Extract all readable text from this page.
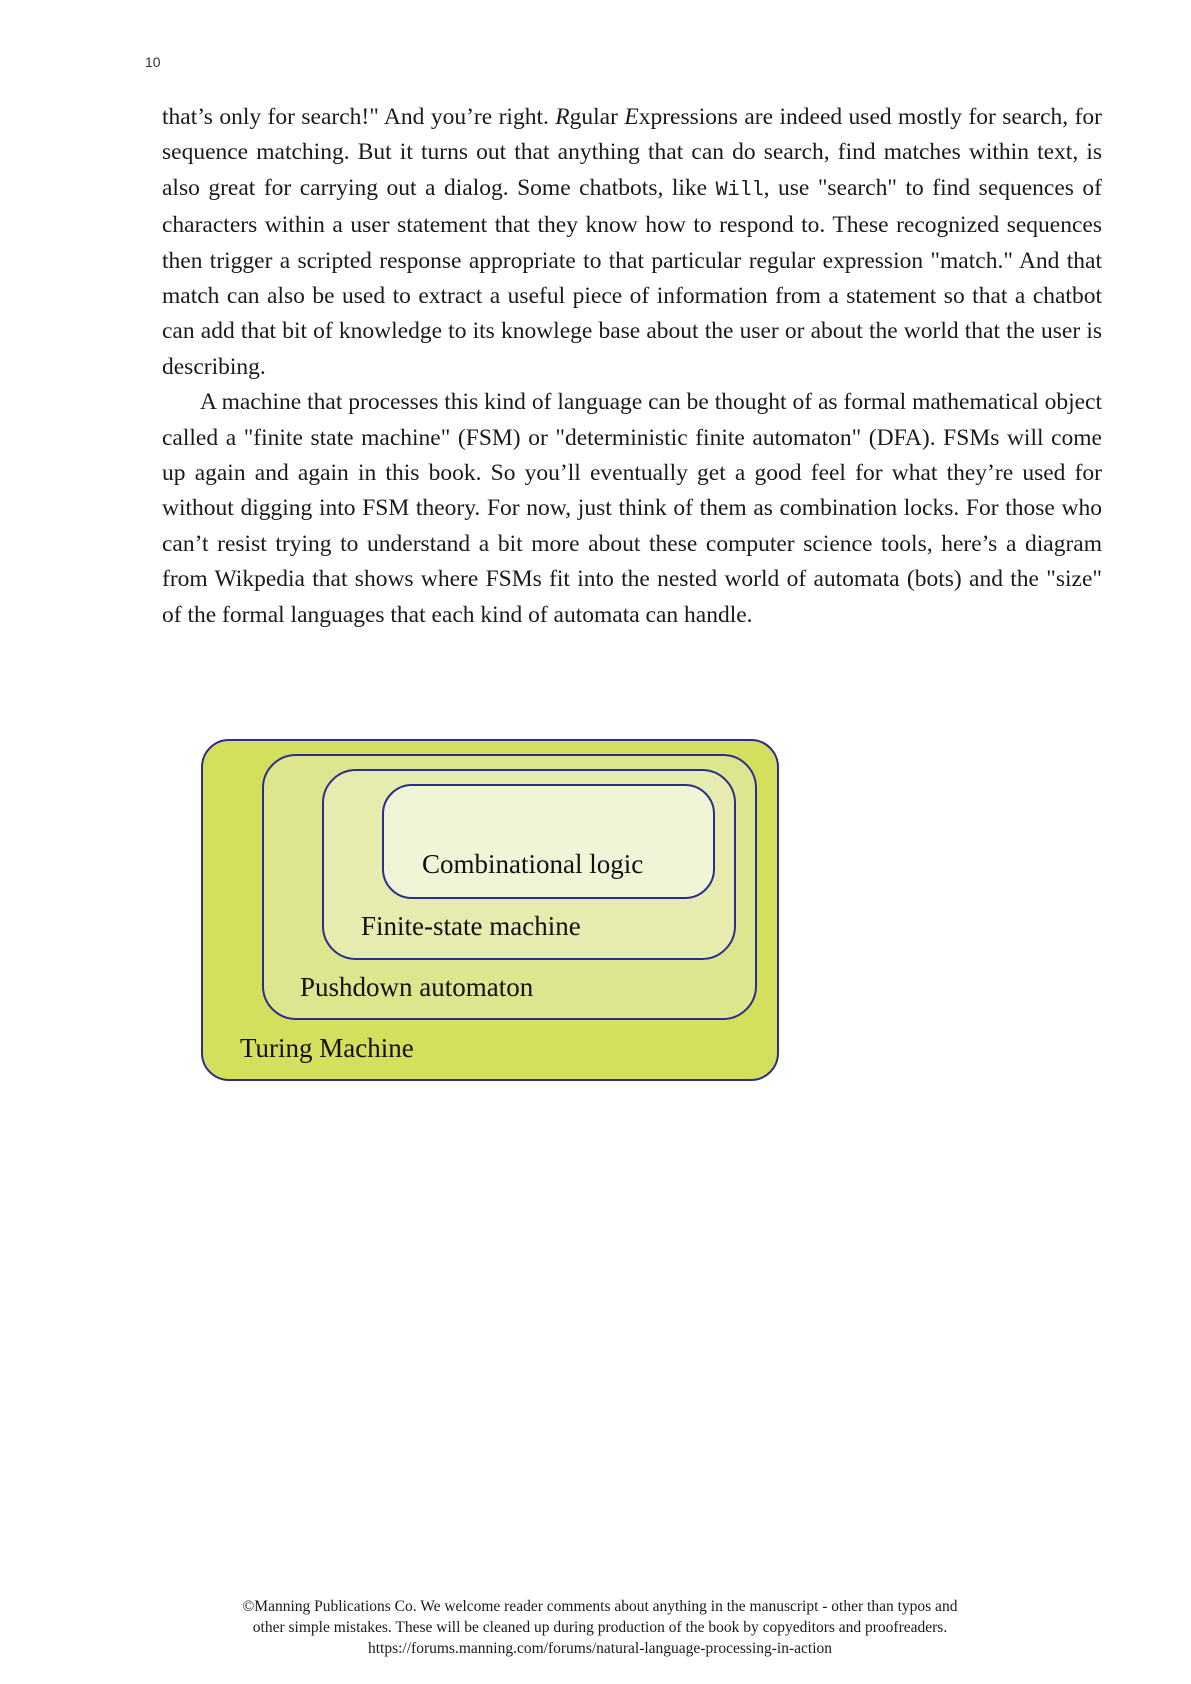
10

that’s only for search!" And you’re right. Rgular Expressions are indeed used mostly for search, for sequence matching. But it turns out that anything that can do search, find matches within text, is also great for carrying out a dialog. Some chatbots, like Will, use "search" to find sequences of characters within a user statement that they know how to respond to. These recognized sequences then trigger a scripted response appropriate to that particular regular expression "match." And that match can also be used to extract a useful piece of information from a statement so that a chatbot can add that bit of knowledge to its knowlege base about the user or about the world that the user is describing.

A machine that processes this kind of language can be thought of as formal mathematical object called a "finite state machine" (FSM) or "deterministic finite automaton" (DFA). FSMs will come up again and again in this book. So you’ll eventually get a good feel for what they’re used for without digging into FSM theory. For now, just think of them as combination locks. For those who can’t resist trying to understand a bit more about these computer science tools, here’s a diagram from Wikpedia that shows where FSMs fit into the nested world of automata (bots) and the "size" of the formal languages that each kind of automata can handle.

Turing Machine
Pushdown automaton
Finite-state machine
Combinational logic
©Manning Publications Co. We welcome reader comments about anything in the manuscript - other than typos and
other simple mistakes. These will be cleaned up during production of the book by copyeditors and proofreaders.
https://forums.manning.com/forums/natural-language-processing-in-action
